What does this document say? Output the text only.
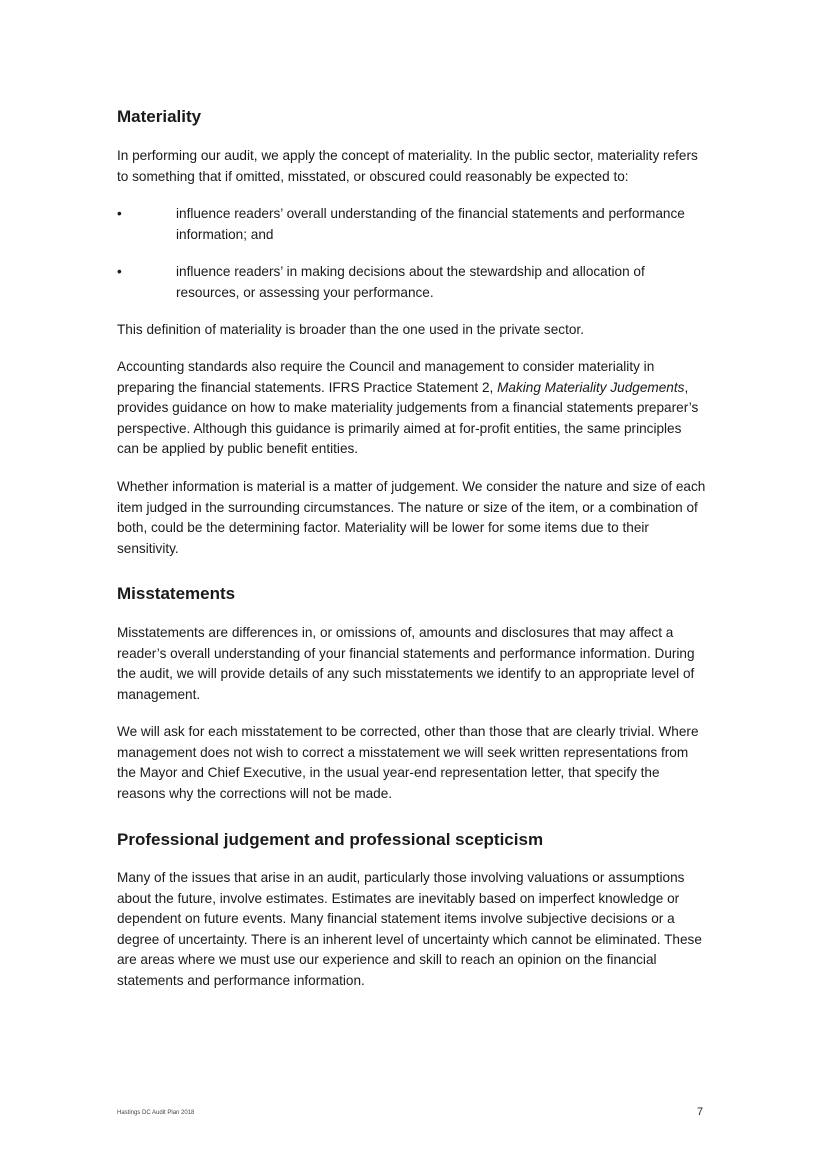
Materiality

In performing our audit, we apply the concept of materiality. In the public sector, materiality refers to something that if omitted, misstated, or obscured could reasonably be expected to:

•	influence readers’ overall understanding of the financial statements and performance information; and

•	influence readers’ in making decisions about the stewardship and allocation of resources, or assessing your performance.

This definition of materiality is broader than the one used in the private sector.

Accounting standards also require the Council and management to consider materiality in preparing the financial statements. IFRS Practice Statement 2, Making Materiality Judgements, provides guidance on how to make materiality judgements from a financial statements preparer’s perspective. Although this guidance is primarily aimed at for-profit entities, the same principles can be applied by public benefit entities.

Whether information is material is a matter of judgement. We consider the nature and size of each item judged in the surrounding circumstances. The nature or size of the item, or a combination of both, could be the determining factor. Materiality will be lower for some items due to their sensitivity.

Misstatements

Misstatements are differences in, or omissions of, amounts and disclosures that may affect a reader’s overall understanding of your financial statements and performance information. During the audit, we will provide details of any such misstatements we identify to an appropriate level of management.

We will ask for each misstatement to be corrected, other than those that are clearly trivial. Where management does not wish to correct a misstatement we will seek written representations from the Mayor and Chief Executive, in the usual year-end representation letter, that specify the reasons why the corrections will not be made.

Professional judgement and professional scepticism

Many of the issues that arise in an audit, particularly those involving valuations or assumptions about the future, involve estimates. Estimates are inevitably based on imperfect knowledge or dependent on future events. Many financial statement items involve subjective decisions or a degree of uncertainty. There is an inherent level of uncertainty which cannot be eliminated. These are areas where we must use our experience and skill to reach an opinion on the financial statements and performance information.

Hastings DC Audit Plan 2018	7
